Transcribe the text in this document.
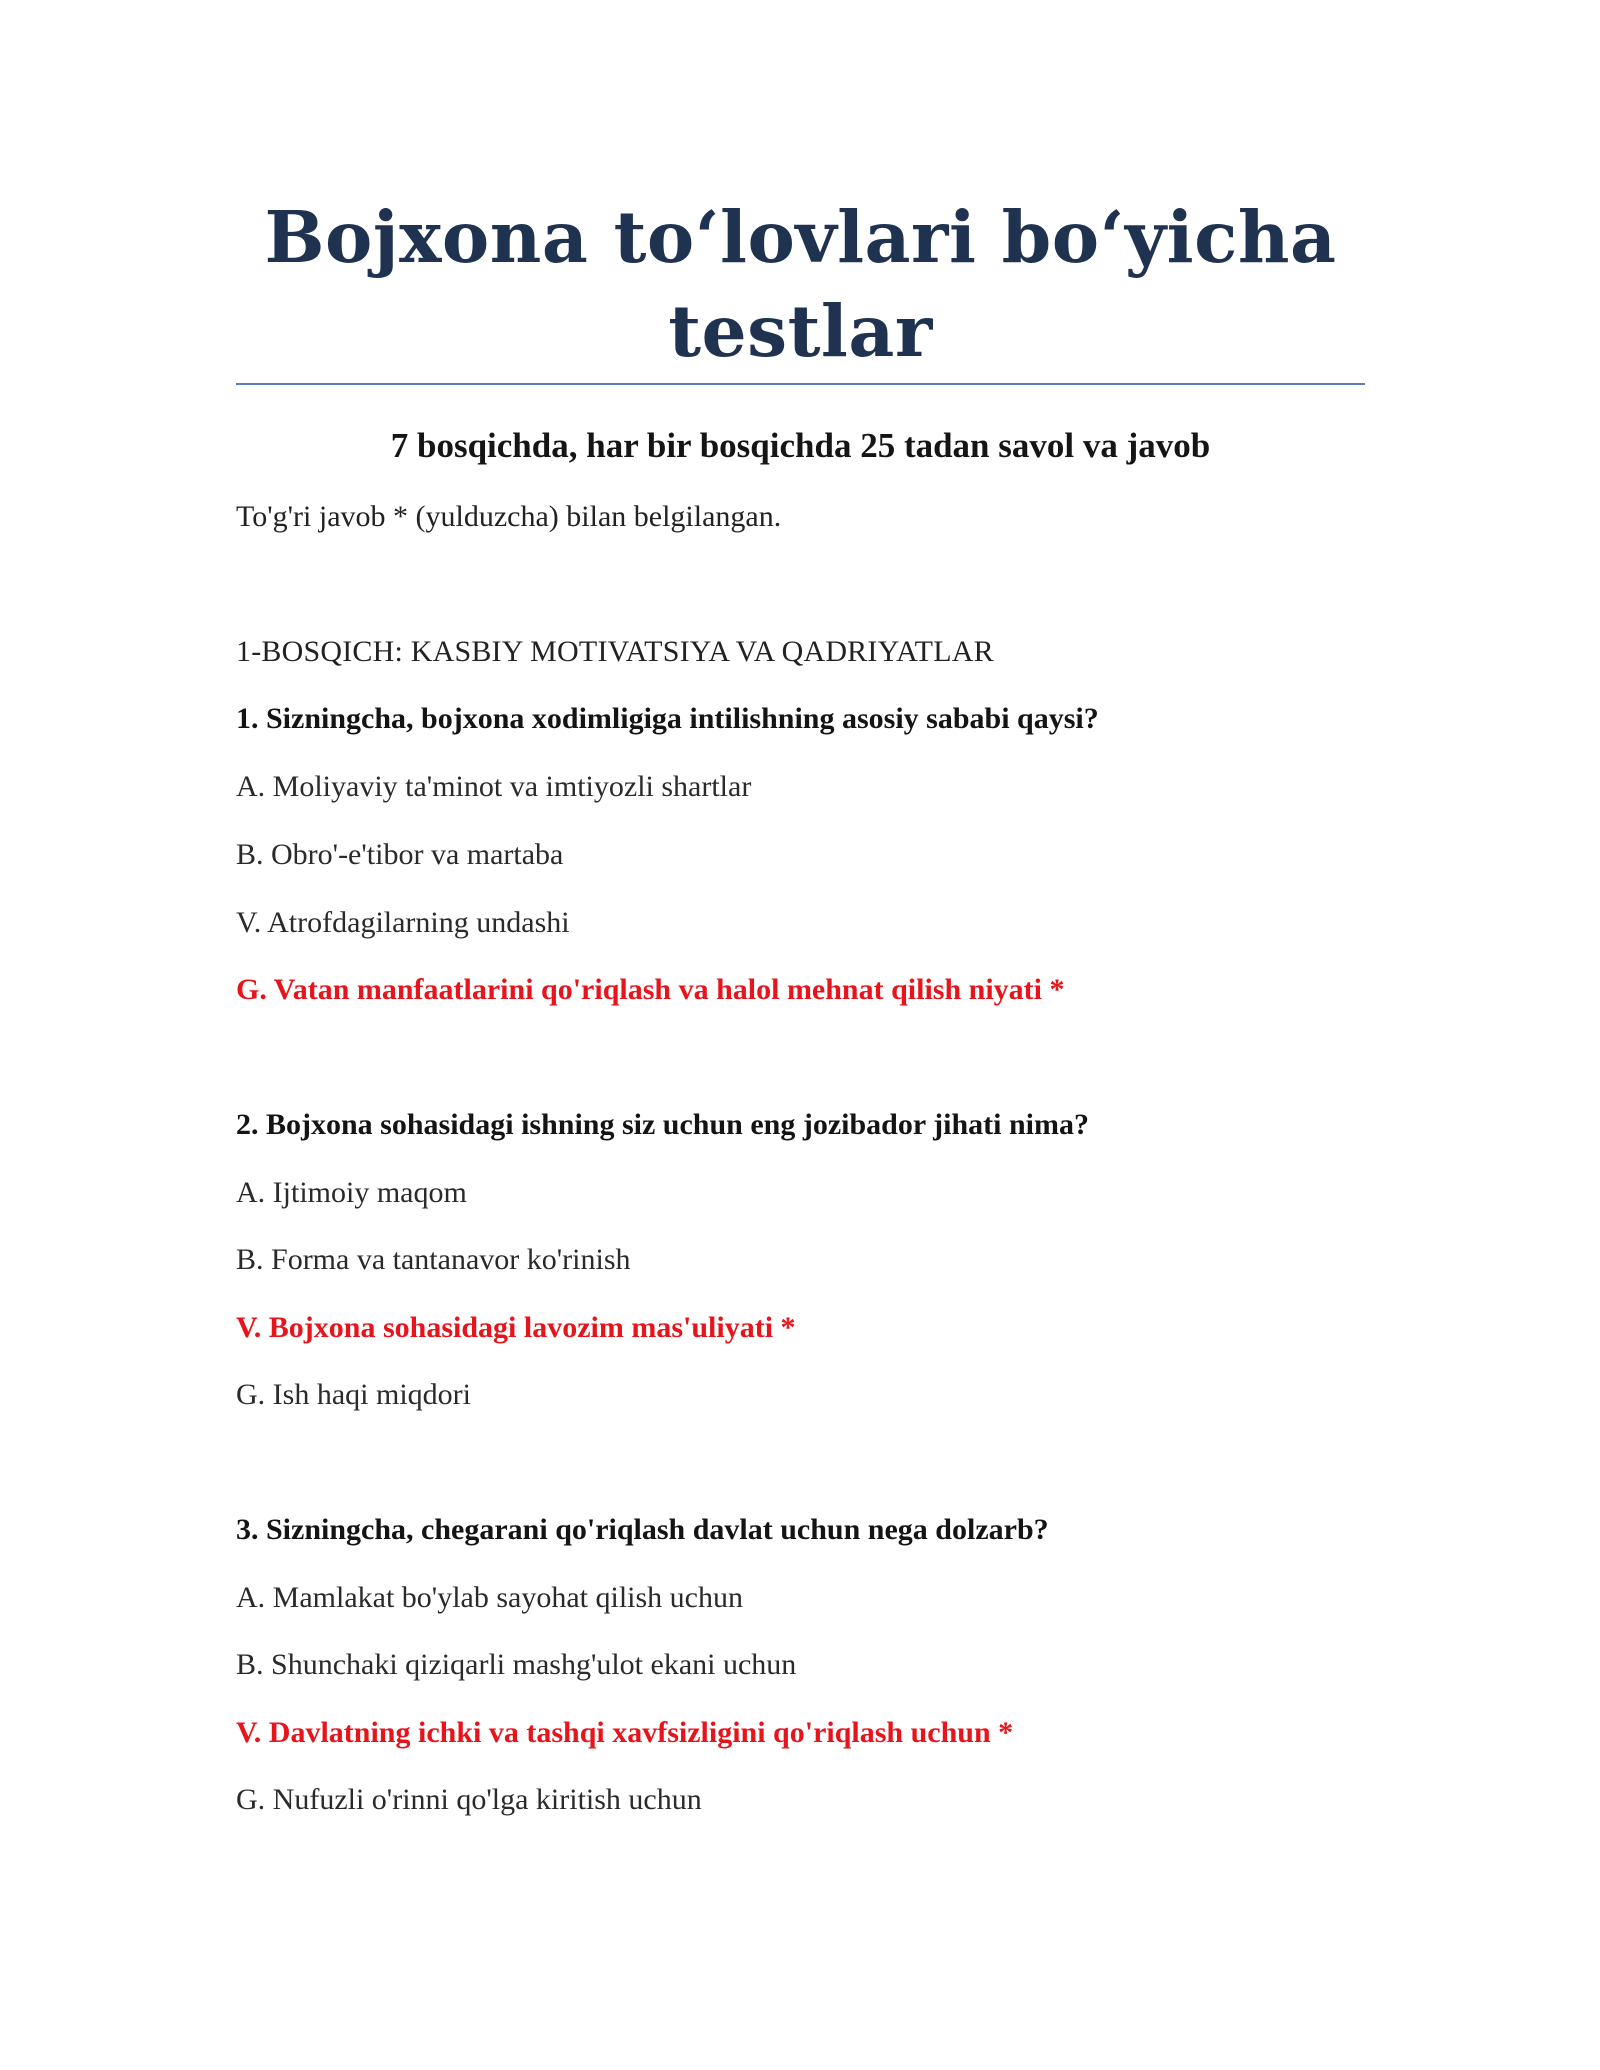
Bojxona to‘lovlari bo‘yicha
testlar
7 bosqichda, har bir bosqichda 25 tadan savol va javob
To'g'ri javob * (yulduzcha) bilan belgilangan.
1-BOSQICH: KASBIY MOTIVATSIYA VA QADRIYATLAR
1. Sizningcha, bojxona xodimligiga intilishning asosiy sababi qaysi?
A. Moliyaviy ta'minot va imtiyozli shartlar
B. Obro'-e'tibor va martaba
V. Atrofdagilarning undashi
G. Vatan manfaatlarini qo'riqlash va halol mehnat qilish niyati *
2. Bojxona sohasidagi ishning siz uchun eng jozibador jihati nima?
A. Ijtimoiy maqom
B. Forma va tantanavor ko'rinish
V. Bojxona sohasidagi lavozim mas'uliyati *
G. Ish haqi miqdori
3. Sizningcha, chegarani qo'riqlash davlat uchun nega dolzarb?
A. Mamlakat bo'ylab sayohat qilish uchun
B. Shunchaki qiziqarli mashg'ulot ekani uchun
V. Davlatning ichki va tashqi xavfsizligini qo'riqlash uchun *
G. Nufuzli o'rinni qo'lga kiritish uchun
